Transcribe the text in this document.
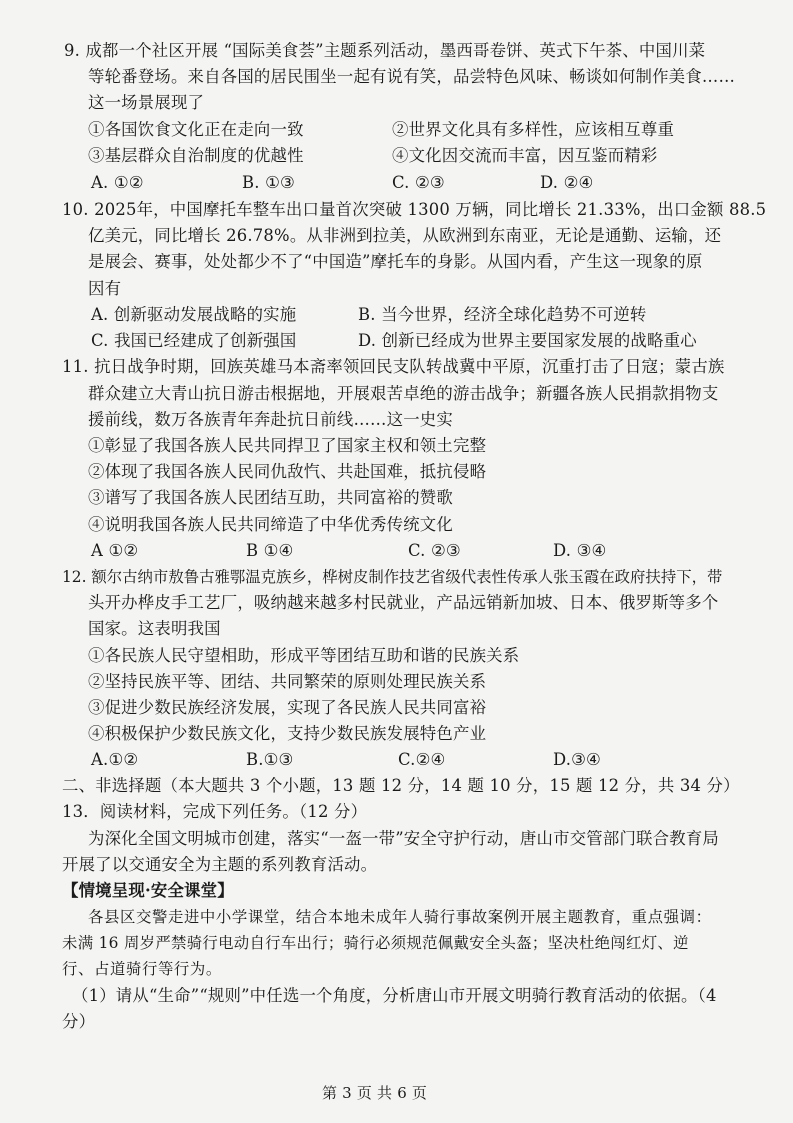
9. 成都一个社区开展 “国际美食荟”主题系列活动，墨西哥卷饼、英式下午茶、中国川菜
等轮番登场。来自各国的居民围坐一起有说有笑，品尝特色风味、畅谈如何制作美食……
这一场景展现了
①各国饮食文化正在走向一致	②世界文化具有多样性，应该相互尊重
③基层群众自治制度的优越性	④文化因交流而丰富，因互鉴而精彩
A. ①②	B. ①③	C. ②③	D. ②④
10. 2025年，中国摩托车整车出口量首次突破 1300 万辆，同比增长 21.33%，出口金额 88.5
亿美元，同比增长 26.78%。从非洲到拉美，从欧洲到东南亚，无论是通勤、运输，还
是展会、赛事，处处都少不了“中国造”摩托车的身影。从国内看，产生这一现象的原
因有
A. 创新驱动发展战略的实施	B. 当今世界，经济全球化趋势不可逆转
C. 我国已经建成了创新强国	D. 创新已经成为世界主要国家发展的战略重心
11. 抗日战争时期，回族英雄马本斋率领回民支队转战冀中平原，沉重打击了日寇；蒙古族
群众建立大青山抗日游击根据地，开展艰苦卓绝的游击战争；新疆各族人民捐款捐物支
援前线，数万各族青年奔赴抗日前线……这一史实
①彰显了我国各族人民共同捍卫了国家主权和领土完整
②体现了我国各族人民同仇敌忾、共赴国难，抵抗侵略
③谱写了我国各族人民团结互助，共同富裕的赞歌
④说明我国各族人民共同缔造了中华优秀传统文化
A ①②	B ①④	C. ②③	D. ③④
12. 额尔古纳市敖鲁古雅鄂温克族乡，桦树皮制作技艺省级代表性传承人张玉霞在政府扶持下，带
头开办桦皮手工艺厂，吸纳越来越多村民就业，产品远销新加坡、日本、俄罗斯等多个
国家。这表明我国
①各民族人民守望相助，形成平等团结互助和谐的民族关系
②坚持民族平等、团结、共同繁荣的原则处理民族关系
③促进少数民族经济发展，实现了各民族人民共同富裕
④积极保护少数民族文化，支持少数民族发展特色产业
A.①②	B.①③	C.②④	D.③④
二、非选择题（本大题共 3 个小题，13 题 12 分，14 题 10 分，15 题 12 分，共 34 分）
13．阅读材料，完成下列任务。（12 分）
为深化全国文明城市创建，落实“一盔一带”安全守护行动，唐山市交管部门联合教育局
开展了以交通安全为主题的系列教育活动。
【情境呈现·安全课堂】
各县区交警走进中小学课堂，结合本地未成年人骑行事故案例开展主题教育，重点强调：
未满 16 周岁严禁骑行电动自行车出行；骑行必须规范佩戴安全头盔；坚决杜绝闯红灯、逆
行、占道骑行等行为。
（1）请从“生命”“规则”中任选一个角度，分析唐山市开展文明骑行教育活动的依据。（4
分）
第 3 页 共 6 页
